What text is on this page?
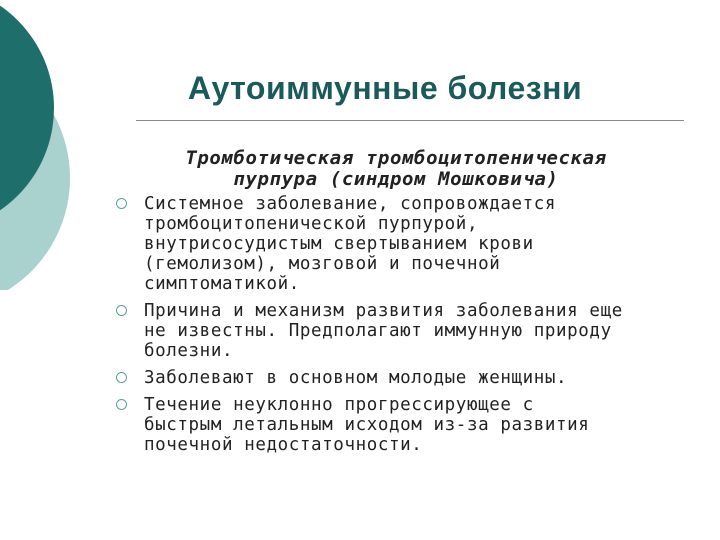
Аутоиммунные болезни
Тромботическая тромбоцитопеническая
пурпура (синдром Мошковича)
Системное заболевание, сопровождается
тромбоцитопенической пурпурой,
внутрисосудистым свертыванием крови
(гемолизом), мозговой и почечной
симптоматикой.
Причина и механизм развития заболевания еще
не известны. Предполагают иммунную природу
болезни.
Заболевают в основном молодые женщины.
Течение неуклонно прогрессирующее с
быстрым летальным исходом из-за развития
почечной недостаточности.
